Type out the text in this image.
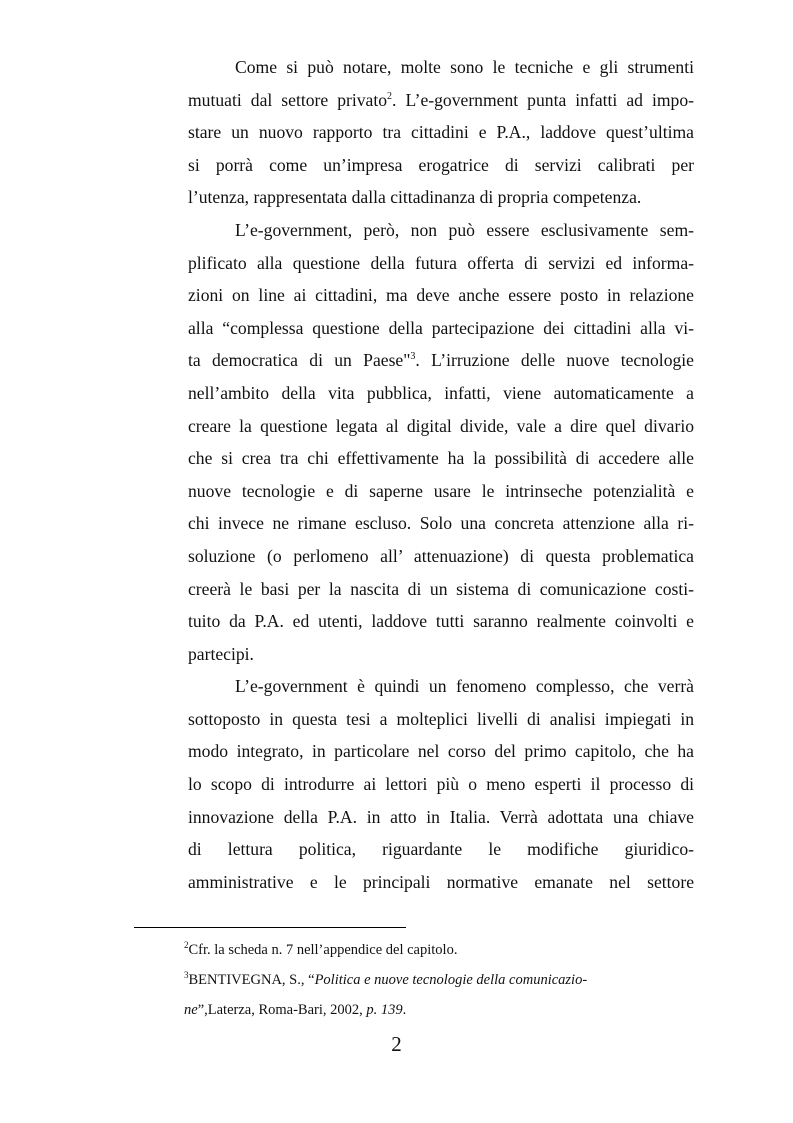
Come si può notare, molte sono le tecniche e gli strumenti
mutuati dal settore privato$^2$. L’e-government punta infatti ad impo-
stare un nuovo rapporto tra cittadini e P.A., laddove quest’ultima
si porrà come un’impresa erogatrice di servizi calibrati per
l’utenza, rappresentata dalla cittadinanza di propria competenza.
L’e-government, però, non può essere esclusivamente sem-
plificato alla questione della futura offerta di servizi ed informa-
zioni on line ai cittadini, ma deve anche essere posto in relazione
alla “complessa questione della partecipazione dei cittadini alla vi-
ta democratica di un Paese"$^3$. L’irruzione delle nuove tecnologie
nell’ambito della vita pubblica, infatti, viene automaticamente a
creare la questione legata al digital divide, vale a dire quel divario
che si crea tra chi effettivamente ha la possibilità di accedere alle
nuove tecnologie e di saperne usare le intrinseche potenzialità e
chi invece ne rimane escluso. Solo una concreta attenzione alla ri-
soluzione (o perlomeno all’ attenuazione) di questa problematica
creerà le basi per la nascita di un sistema di comunicazione costi-
tuito da P.A. ed utenti, laddove tutti saranno realmente coinvolti e
partecipi.
L’e-government è quindi un fenomeno complesso, che verrà
sottoposto in questa tesi a molteplici livelli di analisi impiegati in
modo integrato, in particolare nel corso del primo capitolo, che ha
lo scopo di introdurre ai lettori più o meno esperti il processo di
innovazione della P.A. in atto in Italia. Verrà adottata una chiave
di lettura politica, riguardante le modifiche giuridico-
amministrative e le principali normative emanate nel settore
$^2$Cfr. la scheda n. 7 nell’appendice del capitolo.
$^3$BENTIVEGNA, S., “Politica e nuove tecnologie della comunicazio-
ne”,Laterza, Roma-Bari, 2002, p. 139.
2
